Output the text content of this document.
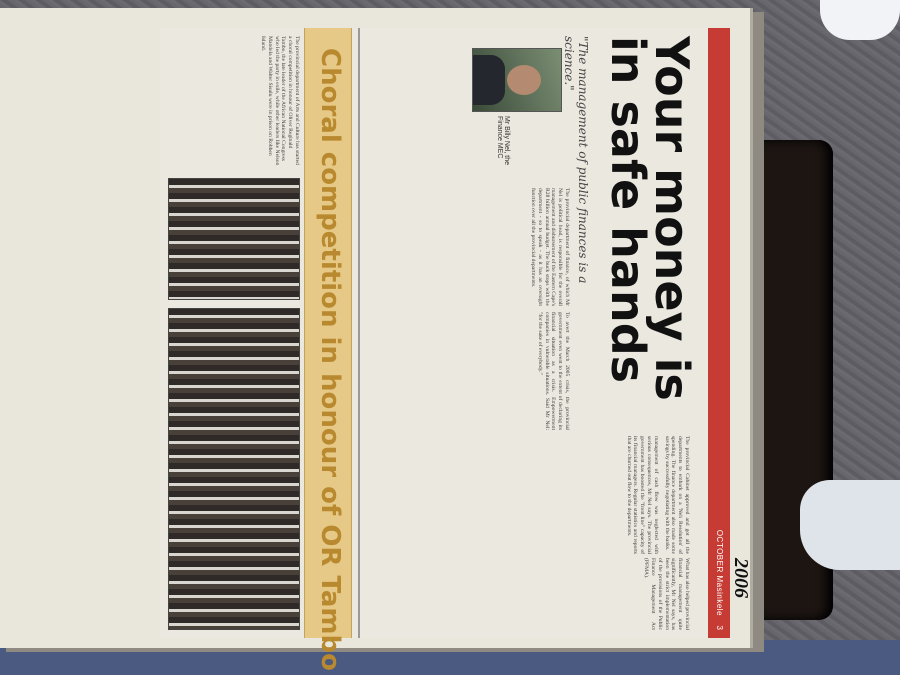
OCTOBER Masinkele
3
2006
Your money is
in safe hands
"The management of public finances is a science."
Mr Billy Nel, the Finance MEC

The provincial department of finance, of which Mr Nel is political head, is responsible for the overall management and disbursement of the Eastern Cape's R28 billion annual budget. The buck stops with the department - so to speak - as it has an oversight function over all the provincial departments.

To avert the March 2005 crisis, the provincial government even went to the extent of declaring its financial situation as a crisis. Empowerment companies in vulnerable situations. Said Mr Nel: "for the sake of everybody."

The provincial Cabinet approved and got all the departments to embark on a 'Neh Resolution' of spending. The finance department also made some savings by successfully negotiating with the banks.

management of cash flow was neglected with serious consequences, Mr Nel says. The provincial government has boosted the "front line" capacity of its financial managers. Regular statistics and reports that are churned out flow to the departments.

What has also helped provincial financial management quite significantly, Mr Nel says, has been the strict implementation of the provisions of the Public Finance Management Act (PFMA).

Choral competition in honour of OR Tambo
The provincial department of Arts and Culture has started a choral competition in honour of Oliver Reginald Tambo, the late leader of the African National Congress who led the party in exile, while other leaders like Nelson Mandela and Walter Sisulu were in prison on Robben Island.
